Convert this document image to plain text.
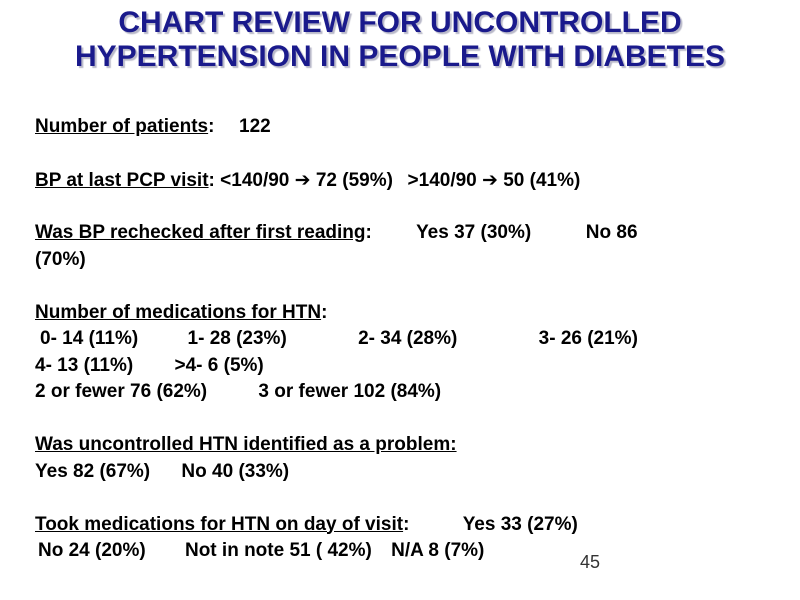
CHART REVIEW FOR UNCONTROLLED
HYPERTENSION IN PEOPLE WITH DIABETES
Number of patients: 122
BP at last PCP visit: <140/90 ➔ 72 (59%) >140/90 ➔ 50 (41%)
Was BP rechecked after first reading: Yes 37 (30%)	No 86
(70%)
Number of medications for HTN:
0- 14 (11%)	1- 28 (23%)	2- 34 (28%)	3- 26 (21%)
4- 13 (11%) >4- 6 (5%)
2 or fewer 76 (62%)	3 or fewer 102 (84%)
Was uncontrolled HTN identified as a problem:
Yes 82 (67%) No 40 (33%)
Took medications for HTN on day of visit:	Yes 33 (27%)
No 24 (20%) Not in note 51 ( 42%) N/A 8 (7%)
45
